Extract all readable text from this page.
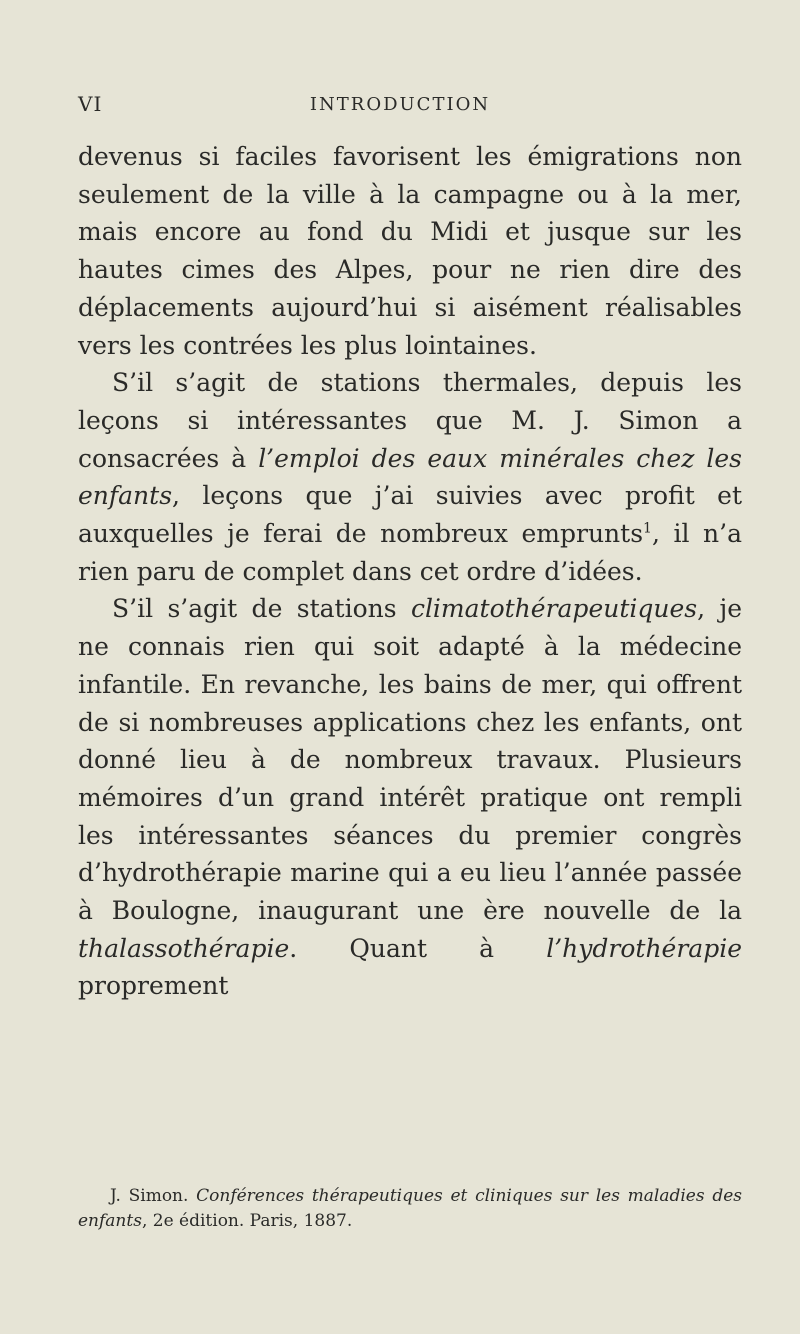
VI	INTRODUCTION

devenus si faciles favorisent les émigrations non seulement de la ville à la campagne ou à la mer, mais encore au fond du Midi et jusque sur les hautes cimes des Alpes, pour ne rien dire des déplacements aujourd’hui si aisément réalisables vers les contrées les plus lointaines.

S’il s’agit de stations thermales, depuis les leçons si intéressantes que M. J. Simon a consacrées à l’emploi des eaux minérales chez les enfants, leçons que j’ai suivies avec profit et auxquelles je ferai de nombreux emprunts$^1$, il n’a rien paru de complet dans cet ordre d’idées.

S’il s’agit de stations climatothérapeutiques, je ne connais rien qui soit adapté à la médecine infantile. En revanche, les bains de mer, qui offrent de si nombreuses applications chez les enfants, ont donné lieu à de nombreux travaux. Plusieurs mémoires d’un grand intérêt pratique ont rempli les intéressantes séances du premier congrès d’hydrothérapie marine qui a eu lieu l’année passée à Boulogne, inaugurant une ère nouvelle de la thalassothérapie. Quant à l’hydrothérapie proprement

J. Simon. Conférences thérapeutiques et cliniques sur les maladies des enfants, 2e édition. Paris, 1887.
